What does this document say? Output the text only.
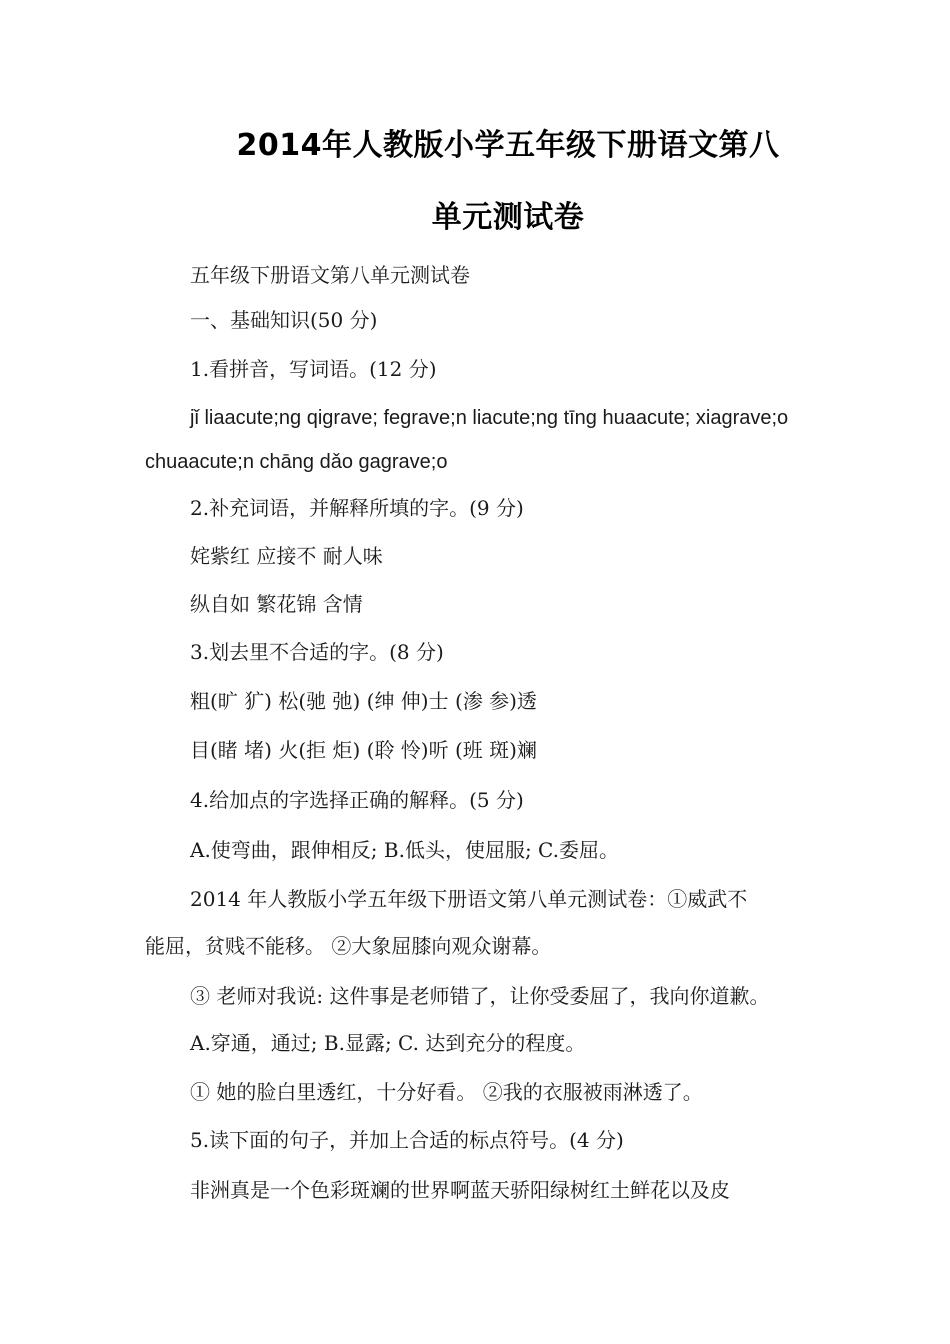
2014年人教版小学五年级下册语文第八
单元测试卷
五年级下册语文第八单元测试卷
一、基础知识(50 分)
1.看拼音，写词语。(12 分)
jǐ liaacute;ng qigrave; fegrave;n liacute;ng tīng huaacute; xiagrave;o
chuaacute;n chāng dǎo gagrave;o
2.补充词语，并解释所填的字。(9 分)
姹紫红 应接不 耐人味
纵自如 繁花锦 含情
3.划去里不合适的字。(8 分)
粗(旷 犷) 松(驰 弛) (绅 伸)士 (渗 参)透
目(睹 堵) 火(拒 炬) (聆 怜)听 (班 斑)斓
4.给加点的字选择正确的解释。(5 分)
A.使弯曲，跟伸相反; B.低头，使屈服; C.委屈。
2014 年人教版小学五年级下册语文第八单元测试卷：①威武不
能屈，贫贱不能移。 ②大象屈膝向观众谢幕。
③ 老师对我说: 这件事是老师错了，让你受委屈了，我向你道歉。
A.穿通，通过; B.显露; C. 达到充分的程度。
① 她的脸白里透红，十分好看。 ②我的衣服被雨淋透了。
5.读下面的句子，并加上合适的标点符号。(4 分)
非洲真是一个色彩斑斓的世界啊蓝天骄阳绿树红土鲜花以及皮
